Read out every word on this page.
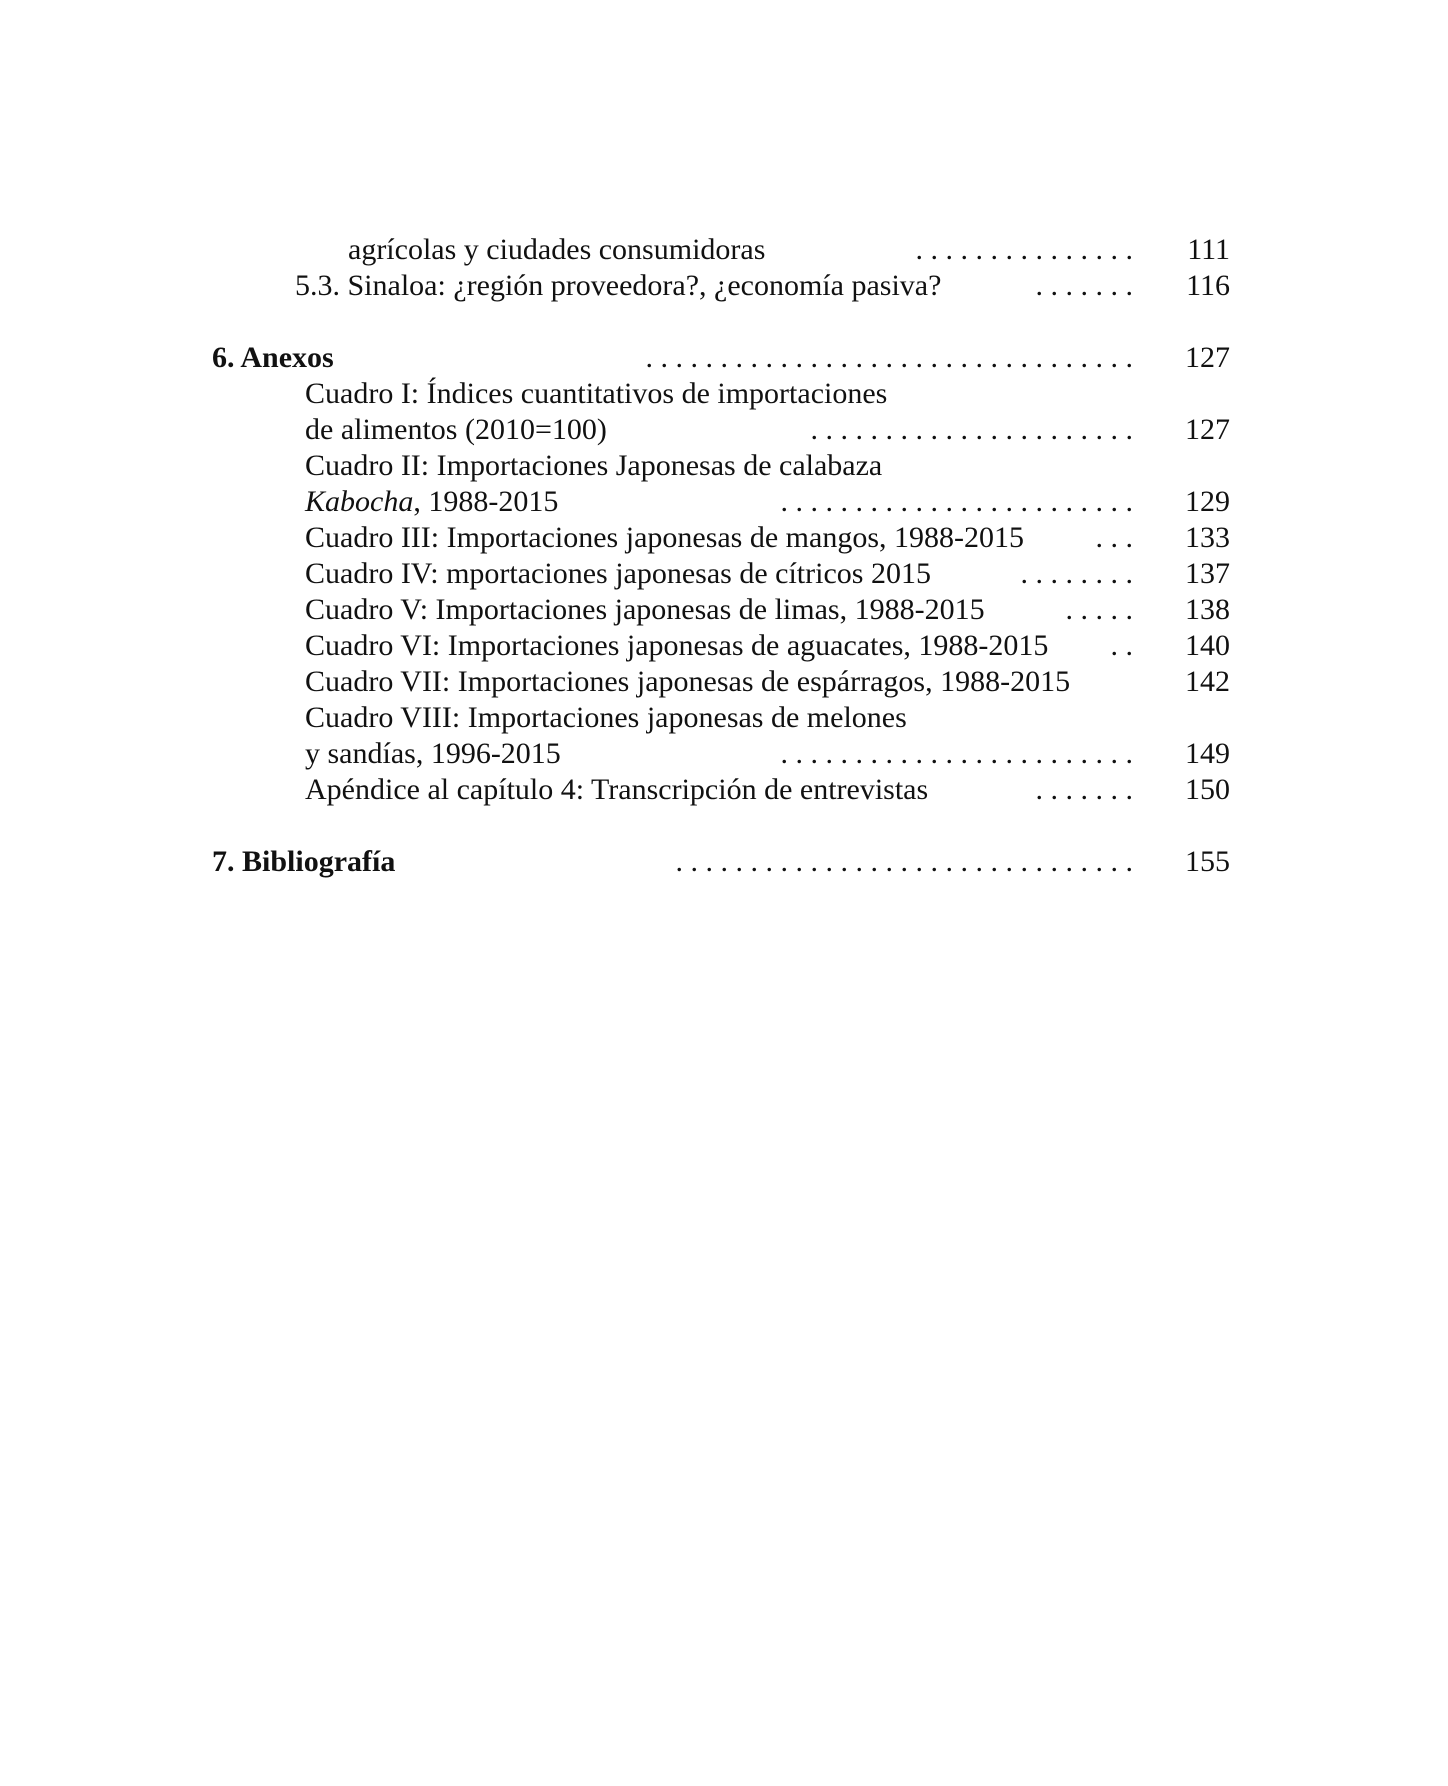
agrícolas y ciudades consumidoras	. . . . . . . . . . . . . . . 111
5.3. Sinaloa: ¿región proveedora?, ¿economía pasiva?	. . . . . . . 116
6. Anexos	. . . . . . . . . . . . . . . . . . . . . . . . . . . . . . . . . 127
Cuadro I: Índices cuantitativos de importaciones
de alimentos (2010=100)	. . . . . . . . . . . . . . . . . . . . . . 127
Cuadro II: Importaciones Japonesas de calabaza
Kabocha, 1988-2015	. . . . . . . . . . . . . . . . . . . . . . . . 129
Cuadro III: Importaciones japonesas de mangos, 1988-2015	. . . 133
Cuadro IV: mportaciones japonesas de cítricos 2015	. . . . . . . . 137
Cuadro V: Importaciones japonesas de limas, 1988-2015	. . . . . 138
Cuadro VI: Importaciones japonesas de aguacates, 1988-2015	. . 140
Cuadro VII: Importaciones japonesas de espárragos, 1988-2015	142
Cuadro VIII: Importaciones japonesas de melones
y sandías, 1996-2015	. . . . . . . . . . . . . . . . . . . . . . . . 149
Apéndice al capítulo 4: Transcripción de entrevistas	. . . . . . . 150
7. Bibliografía	. . . . . . . . . . . . . . . . . . . . . . . . . . . . . . . 155
